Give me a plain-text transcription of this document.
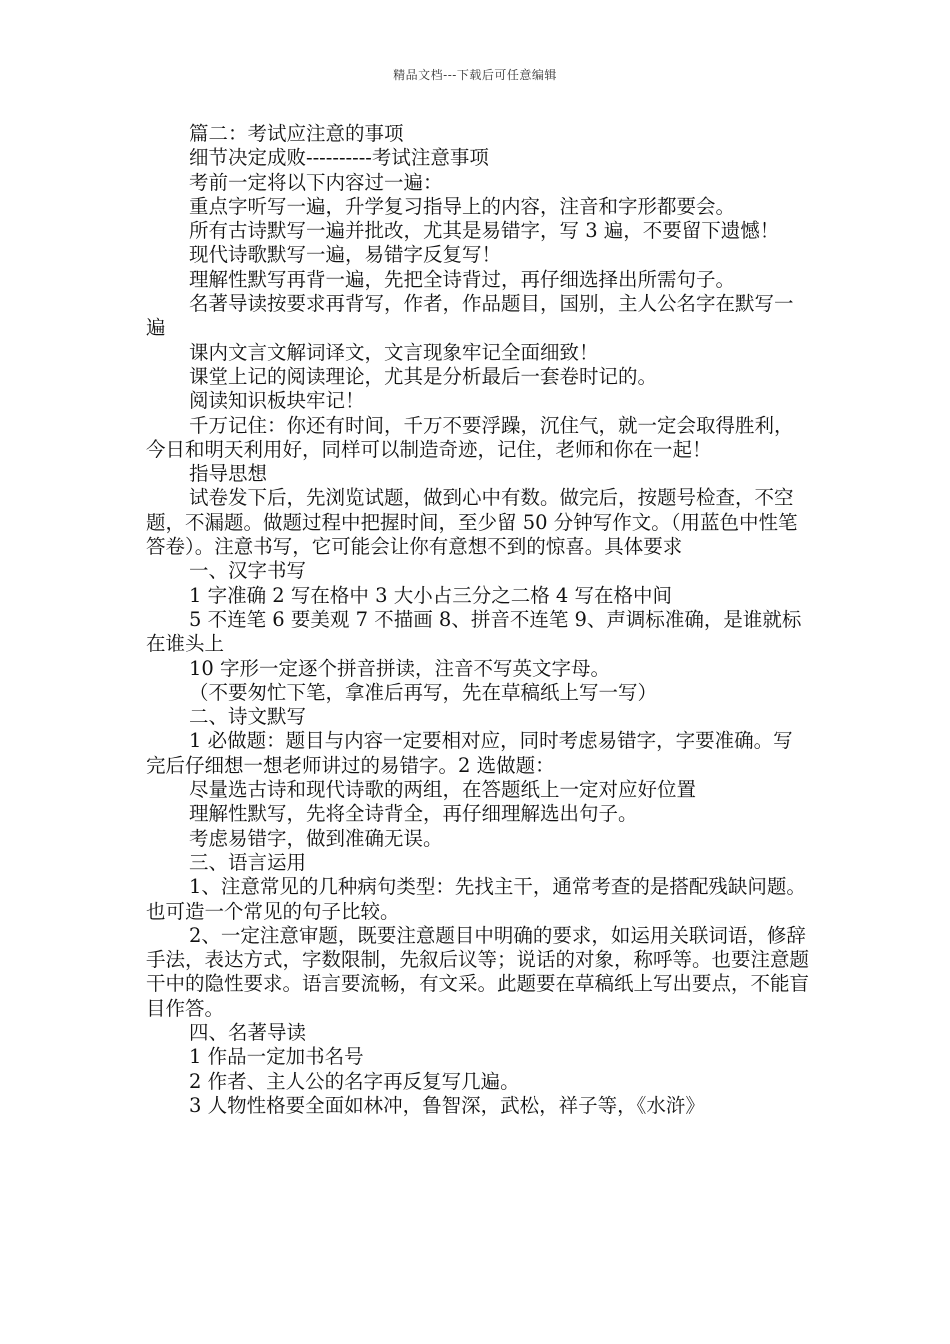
精品文档---下载后可任意编辑

篇二：考试应注意的事项

细节决定成败----------考试注意事项

考前一定将以下内容过一遍：

重点字听写一遍，升学复习指导上的内容，注音和字形都要会。

所有古诗默写一遍并批改，尤其是易错字，写 3 遍，不要留下遗憾！

现代诗歌默写一遍，易错字反复写！

理解性默写再背一遍，先把全诗背过，再仔细选择出所需句子。

名著导读按要求再背写，作者，作品题目，国别，主人公名字在默写一遍

课内文言文解词译文，文言现象牢记全面细致！

课堂上记的阅读理论，尤其是分析最后一套卷时记的。

阅读知识板块牢记！

千万记住：你还有时间，千万不要浮躁，沉住气，就一定会取得胜利，今日和明天利用好，同样可以制造奇迹，记住，老师和你在一起！

指导思想

试卷发下后，先浏览试题，做到心中有数。做完后，按题号检查，不空题，不漏题。做题过程中把握时间，至少留 50 分钟写作文。（用蓝色中性笔答卷）。注意书写，它可能会让你有意想不到的惊喜。具体要求

一、汉字书写

1 字准确 2 写在格中 3 大小占三分之二格 4 写在格中间

5 不连笔 6 要美观 7 不描画 8、拼音不连笔 9、声调标准确，是谁就标在谁头上

10 字形一定逐个拼音拼读，注音不写英文字母。

（不要匆忙下笔，拿准后再写，先在草稿纸上写一写）

二、诗文默写

1 必做题：题目与内容一定要相对应，同时考虑易错字，字要准确。写完后仔细想一想老师讲过的易错字。2 选做题：

尽量选古诗和现代诗歌的两组，在答题纸上一定对应好位置

理解性默写，先将全诗背全，再仔细理解选出句子。

考虑易错字，做到准确无误。

三、语言运用

1、注意常见的几种病句类型：先找主干，通常考查的是搭配残缺问题。也可造一个常见的句子比较。

2、一定注意审题，既要注意题目中明确的要求，如运用关联词语，修辞手法，表达方式，字数限制，先叙后议等；说话的对象，称呼等。也要注意题干中的隐性要求。语言要流畅，有文采。此题要在草稿纸上写出要点，不能盲目作答。

四、名著导读

1 作品一定加书名号

2 作者、主人公的名字再反复写几遍。

3 人物性格要全面如林冲，鲁智深，武松，祥子等，《水浒》
